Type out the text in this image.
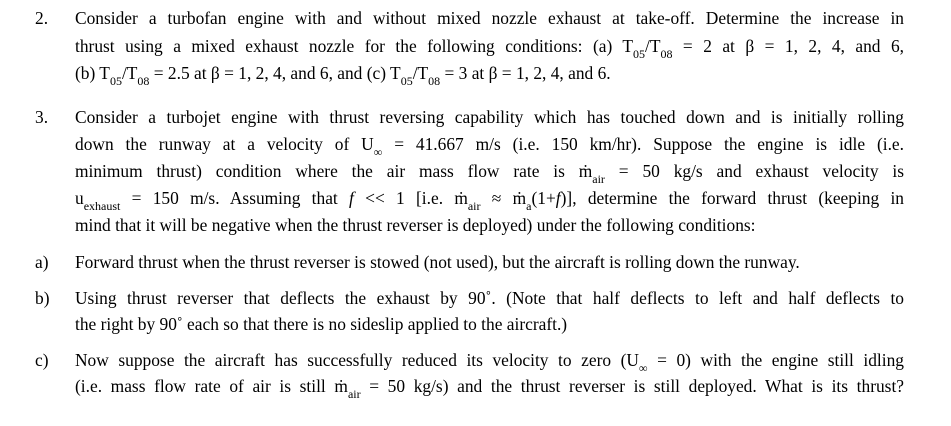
2. Consider a turbofan engine with and without mixed nozzle exhaust at take-off. Determine the increase in
thrust using a mixed exhaust nozzle for the following conditions: (a) $T_{05}/T_{08} = 2$ at β = 1, 2, 4, and 6,
(b) $T_{05}/T_{08} = 2.5$ at β = 1, 2, 4, and 6, and (c) $T_{05}/T_{08} = 3$ at β = 1, 2, 4, and 6.
3. Consider a turbojet engine with thrust reversing capability which has touched down and is initially rolling
down the runway at a velocity of $U_\infty = 41.667$ m/s (i.e. 150 km/hr). Suppose the engine is idle (i.e.
minimum thrust) condition where the air mass flow rate is ṁ$_{air}$ = 50 kg/s and exhaust velocity is
$u_{exhaust} = 150$ m/s. Assuming that f << 1 [i.e. ṁ$_{air}$ ≈ ṁ$_a$(1+f)], determine the forward thrust (keeping in
mind that it will be negative when the thrust reverser is deployed) under the following conditions:
a) Forward thrust when the thrust reverser is stowed (not used), but the aircraft is rolling down the runway.
b) Using thrust reverser that deflects the exhaust by 90˚. (Note that half deflects to left and half deflects to
the right by 90˚ each so that there is no sideslip applied to the aircraft.)
c) Now suppose the aircraft has successfully reduced its velocity to zero $(U_\infty = 0)$ with the engine still idling
(i.e. mass flow rate of air is still ṁ$_{air}$ = 50 kg/s) and the thrust reverser is still deployed. What is its thrust?
